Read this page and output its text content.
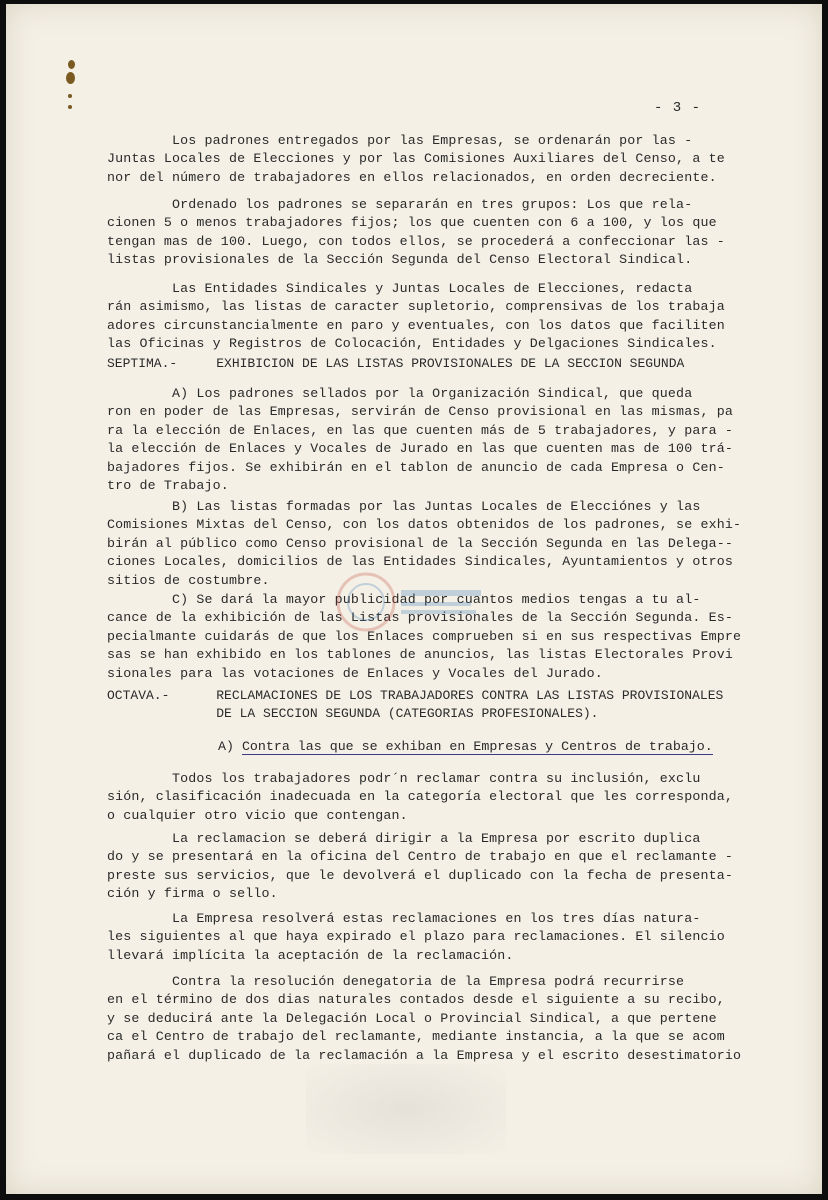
- 3 -
Los padrones entregados por las Empresas, se ordenarán por las -
Juntas Locales de Elecciones y por las Comisiones Auxiliares del Censo, a te
nor del número de trabajadores en ellos relacionados, en orden decreciente.
Ordenado los padrones se separarán en tres grupos: Los que rela-
cionen 5 o menos trabajadores fijos; los que cuenten con 6 a 100, y los que
tengan mas de 100. Luego, con todos ellos, se procederá a confeccionar las -
listas provisionales de la Sección Segunda del Censo Electoral Sindical.
Las Entidades Sindicales y Juntas Locales de Elecciones, redacta
rán asimismo, las listas de caracter supletorio, comprensivas de los trabaja
adores circunstancialmente en paro y eventuales, con los datos que faciliten
las Oficinas y Registros de Colocación, Entidades y Delgaciones Sindicales.
SEPTIMA.-     EXHIBICION DE LAS LISTAS PROVISIONALES DE LA SECCION SEGUNDA
A) Los padrones sellados por la Organización Sindical, que queda
ron en poder de las Empresas, servirán de Censo provisional en las mismas, pa
ra la elección de Enlaces, en las que cuenten más de 5 trabajadores, y para -
la elección de Enlaces y Vocales de Jurado en las que cuenten mas de 100 trá-
bajadores fijos. Se exhibirán en el tablon de anuncio de cada Empresa o Cen-
tro de Trabajo.
B) Las listas formadas por las Juntas Locales de Elecciónes y las
Comisiones Mixtas del Censo, con los datos obtenidos de los padrones, se exhi-
birán al público como Censo provisional de la Sección Segunda en las Delega--
ciones Locales, domicilios de las Entidades Sindicales, Ayuntamientos y otros
sitios de costumbre.
C) Se dará la mayor publicidad por cuantos medios tengas a tu al-
cance de la exhibición de las Listas provisionales de la Sección Segunda. Es-
pecialmante cuidarás de que los Enlaces comprueben si en sus respectivas Empre
sas se han exhibido en los tablones de anuncios, las listas Electorales Provi
sionales para las votaciones de Enlaces y Vocales del Jurado.
OCTAVA.-      RECLAMACIONES DE LOS TRABAJADORES CONTRA LAS LISTAS PROVISIONALES
DE LA SECCION SEGUNDA (CATEGORIAS PROFESIONALES).
A) Contra las que se exhiban en Empresas y Centros de trabajo.
Todos los trabajadores podr´n reclamar contra su inclusión, exclu
sión, clasificación inadecuada en la categoría electoral que les corresponda,
o cualquier otro vicio que contengan.
La reclamacion se deberá dirigir a la Empresa por escrito duplica
do y se presentará en la oficina del Centro de trabajo en que el reclamante -
preste sus servicios, que le devolverá el duplicado con la fecha de presenta-
ción y firma o sello.
La Empresa resolverá estas reclamaciones en los tres días natura-
les siguientes al que haya expirado el plazo para reclamaciones. El silencio
llevará implícita la aceptación de la reclamación.
Contra la resolución denegatoria de la Empresa podrá recurrirse
en el término de dos dias naturales contados desde el siguiente a su recibo,
y se deducirá ante la Delegación Local o Provincial Sindical, a que pertene
ca el Centro de trabajo del reclamante, mediante instancia, a la que se acom
pañará el duplicado de la reclamación a la Empresa y el escrito desestimatorio
